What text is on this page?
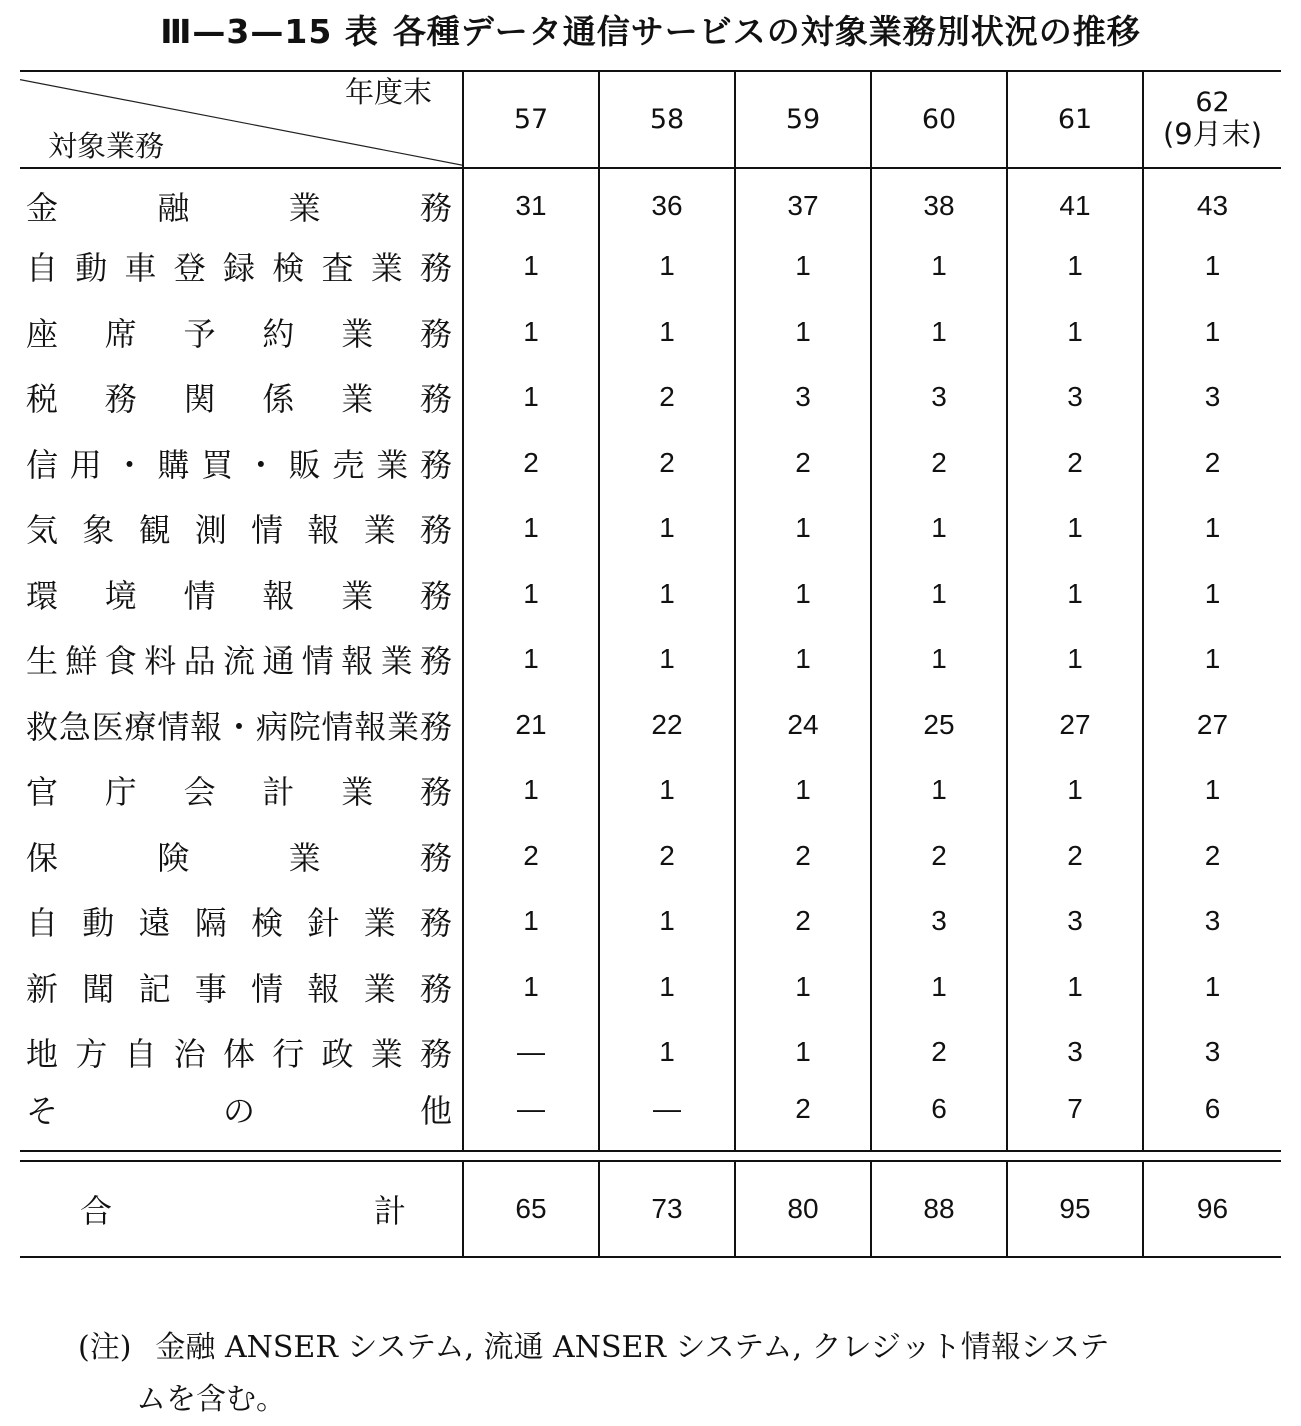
Ⅲ—3—15 表 各種データ通信サービスの対象業務別状況の推移
年度末
対象業務	57	58	59	60	61	62
(9月末)

金融業務	31	36	37	38	41	43
自動車登録検査業務	1	1	1	1	1	1
座席予約業務	1	1	1	1	1	1
税務関係業務	1	2	3	3	3	3
信用・購買・販売業務	2	2	2	2	2	2
気象観測情報業務	1	1	1	1	1	1
環境情報業務	1	1	1	1	1	1
生鮮食料品流通情報業務	1	1	1	1	1	1
救急医療情報・病院情報業務	21	22	24	25	27	27
官庁会計業務	1	1	1	1	1	1
保険業務	2	2	2	2	2	2
自動遠隔検針業務	1	1	2	3	3	3
新聞記事情報業務	1	1	1	1	1	1
地方自治体行政業務	—	1	1	2	3	3
その他	—	—	2	6	7	6

合計	65	73	80	88	95	96
(注) 金融 ANSER システム, 流通 ANSER システム, クレジット情報システ
ムを含む。
